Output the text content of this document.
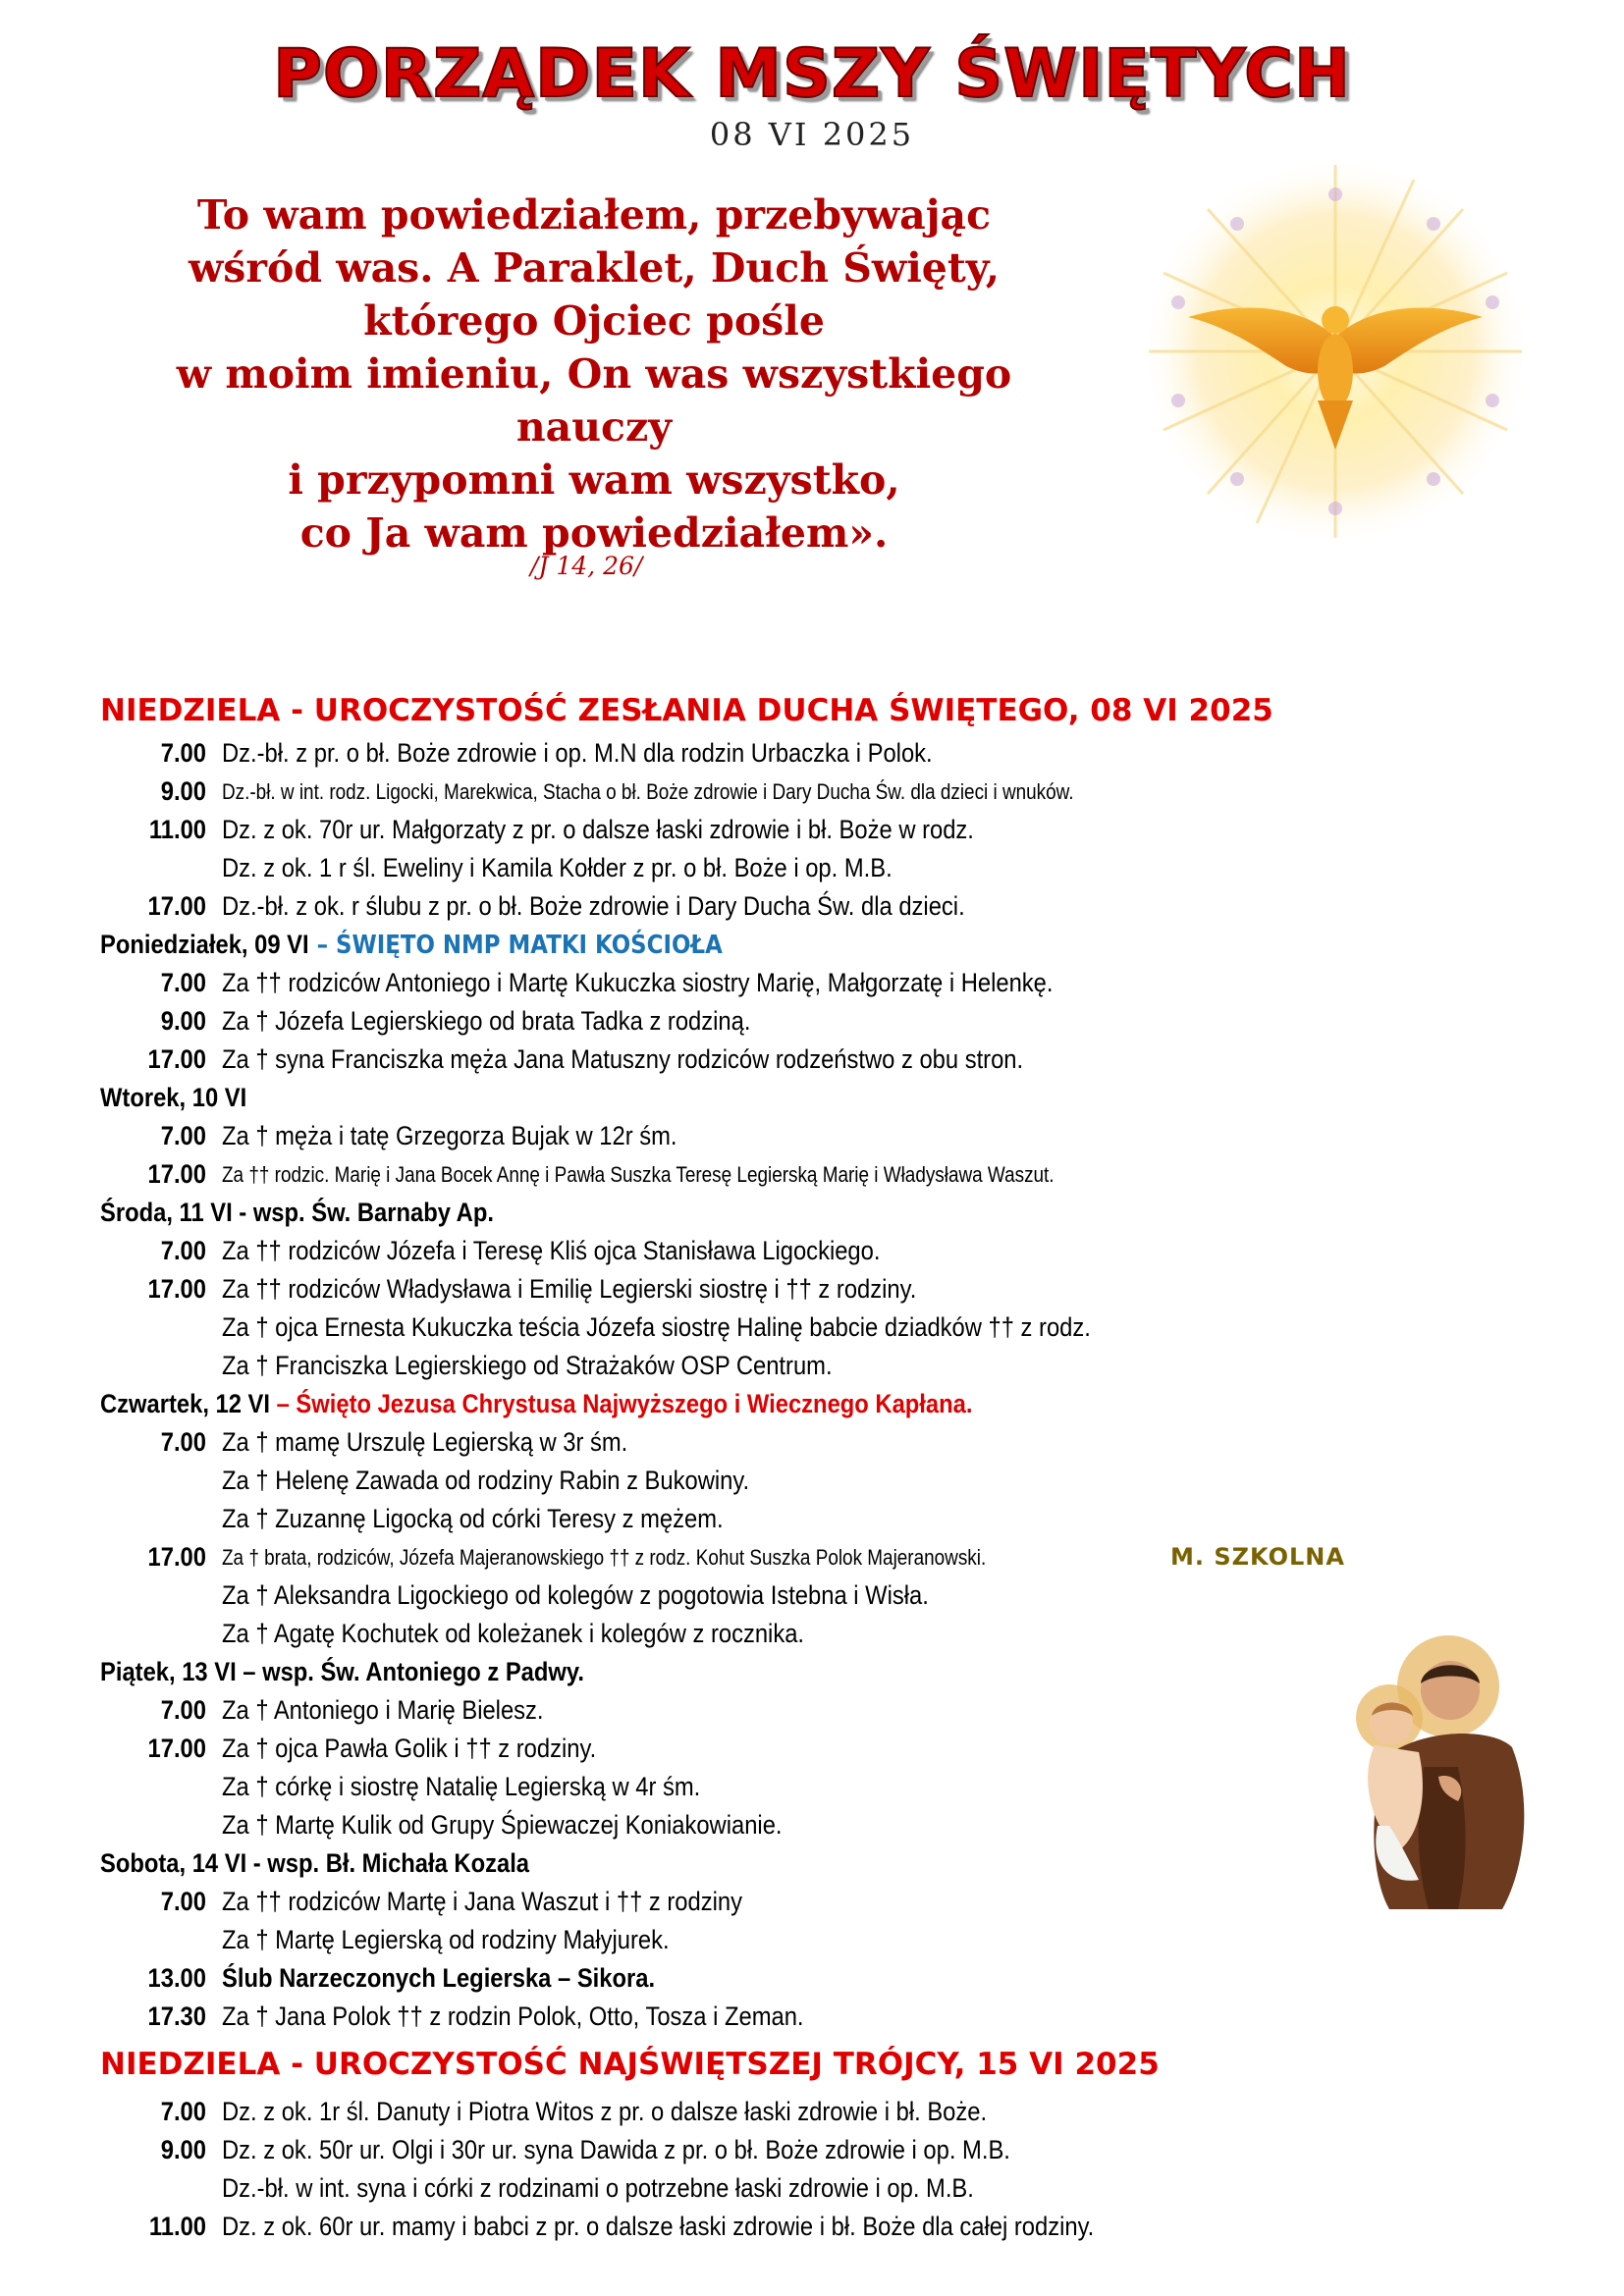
PORZĄDEK MSZY ŚWIĘTYCH
08 VI 2025
To wam powiedziałem, przebywając
wśród was. A Paraklet, Duch Święty,
którego Ojciec pośle
w moim imieniu, On was wszystkiego
nauczy
i przypomni wam wszystko,
co Ja wam powiedziałem».
/J 14, 26/
NIEDZIELA - UROCZYSTOŚĆ ZESŁANIA DUCHA ŚWIĘTEGO, 08 VI 2025
7.00 Dz.-bł. z pr. o bł. Boże zdrowie i op. M.N dla rodzin Urbaczka i Polok.
9.00 Dz.-bł. w int. rodz. Ligocki, Marekwica, Stacha o bł. Boże zdrowie i Dary Ducha Św. dla dzieci i wnuków.
11.00 Dz. z ok. 70r ur. Małgorzaty z pr. o dalsze łaski zdrowie i bł. Boże w rodz.
Dz. z ok. 1 r śl. Eweliny i Kamila Kołder z pr. o bł. Boże i op. M.B.
17.00 Dz.-bł. z ok. r ślubu z pr. o bł. Boże zdrowie i Dary Ducha Św. dla dzieci.
Poniedziałek, 09 VI – ŚWIĘTO NMP MATKI KOŚCIOŁA
7.00 Za †† rodziców Antoniego i Martę Kukuczka siostry Marię, Małgorzatę i Helenkę.
9.00 Za † Józefa Legierskiego od brata Tadka z rodziną.
17.00 Za † syna Franciszka męża Jana Matuszny rodziców rodzeństwo z obu stron.
Wtorek, 10 VI
7.00 Za † męża i tatę Grzegorza Bujak w 12r śm.
17.00 Za †† rodzic. Marię i Jana Bocek Annę i Pawła Suszka Teresę Legierską Marię i Władysława Waszut.
Środa, 11 VI - wsp. Św. Barnaby Ap.
7.00 Za †† rodziców Józefa i Teresę Kliś ojca Stanisława Ligockiego.
17.00 Za †† rodziców Władysława i Emilię Legierski siostrę i †† z rodziny.
Za † ojca Ernesta Kukuczka teścia Józefa siostrę Halinę babcie dziadków †† z rodz.
Za † Franciszka Legierskiego od Strażaków OSP Centrum.
Czwartek, 12 VI – Święto Jezusa Chrystusa Najwyższego i Wiecznego Kapłana.
7.00 Za † mamę Urszulę Legierską w 3r śm.
Za † Helenę Zawada od rodziny Rabin z Bukowiny.
Za † Zuzannę Ligocką od córki Teresy z mężem.
17.00 Za † brata, rodziców, Józefa Majeranowskiego †† z rodz. Kohut Suszka Polok Majeranowski.	M. SZKOLNA
Za † Aleksandra Ligockiego od kolegów z pogotowia Istebna i Wisła.
Za † Agatę Kochutek od koleżanek i kolegów z rocznika.
Piątek, 13 VI – wsp. Św. Antoniego z Padwy.
7.00 Za † Antoniego i Marię Bielesz.
17.00 Za † ojca Pawła Golik i †† z rodziny.
Za † córkę i siostrę Natalię Legierską w 4r śm.
Za † Martę Kulik od Grupy Śpiewaczej Koniakowianie.
Sobota, 14 VI - wsp. Bł. Michała Kozala
7.00 Za †† rodziców Martę i Jana Waszut i †† z rodziny
Za † Martę Legierską od rodziny Małyjurek.
13.00 Ślub Narzeczonych Legierska – Sikora.
17.30 Za † Jana Polok †† z rodzin Polok, Otto, Tosza i Zeman.
NIEDZIELA - UROCZYSTOŚĆ NAJŚWIĘTSZEJ TRÓJCY, 15 VI 2025
7.00 Dz. z ok. 1r śl. Danuty i Piotra Witos z pr. o dalsze łaski zdrowie i bł. Boże.
9.00 Dz. z ok. 50r ur. Olgi i 30r ur. syna Dawida z pr. o bł. Boże zdrowie i op. M.B.
Dz.-bł. w int. syna i córki z rodzinami o potrzebne łaski zdrowie i op. M.B.
11.00 Dz. z ok. 60r ur. mamy i babci z pr. o dalsze łaski zdrowie i bł. Boże dla całej rodziny.
